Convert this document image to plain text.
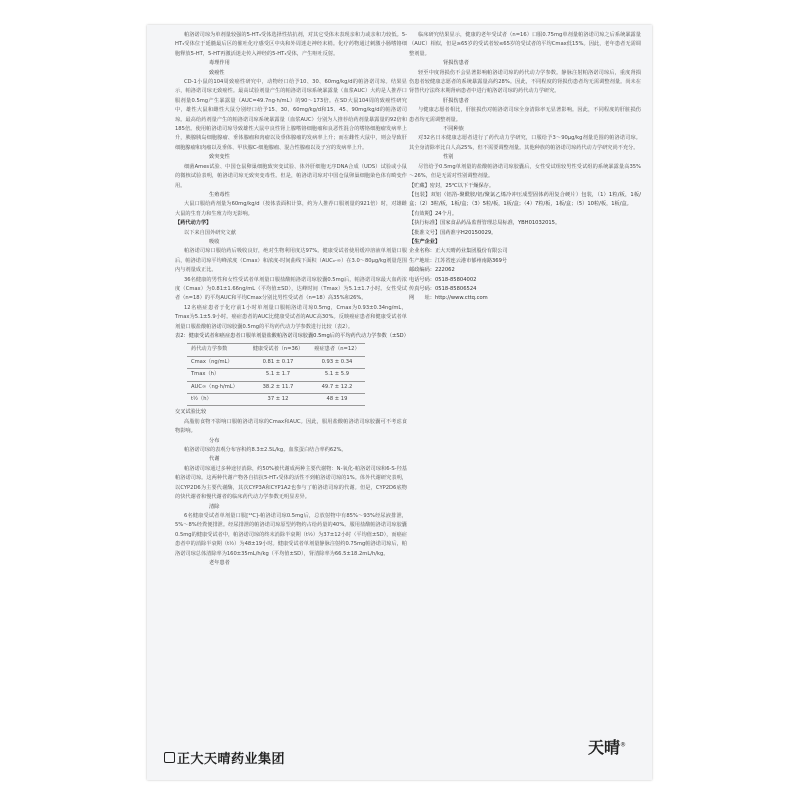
帕洛诺司琼为单剂量较强的5-HT₃受体选择性拮抗剂，对其它受体未表现亲和力或亲和力较低。5-HT₃受体位于延髓最后区的催吐化疗感受区中央和外周迷走神经末梢。化疗药物通过刺激小肠嗜铬细胞释放5-HT，5-HT再激活迷走传入神经的5-HT₃受体，产生呕吐反射。

毒理作用

致癌性

CD-1小鼠的104周致癌性研究中，动物经口给予10、30、60mg/kg/d的帕洛诺司琼。结果显示，帕洛诺司琼无致癌性。最高试验剂量产生的帕洛诺司琼系统暴露量（血浆AUC）大约是人推荐口服剂量0.5mg产生暴露量（AUC=49.7ng·h/mL）的90～173倍。在SD大鼠104周的致癌性研究中，雄性大鼠和雌性大鼠分别经口给予15、30、60mg/kg/d和15、45、90mg/kg/d的帕洛诺司琼。最高给药剂量产生的帕洛诺司琼系统暴露量（血浆AUC）分别为人推荐给药剂量暴露量的92倍和185倍。使用帕洛诺司琼导致雄性大鼠中良性肾上腺嗜铬细胞瘤和良恶性混合的嗜铬细胞瘤发病率上升，胰腺胰岛细胞腺瘤、垂体腺瘤和肉瘤以及垂体腺瘤的发病率上升；而在雌性大鼠中，则会导致肝细胞腺瘤和肉瘤以及垂体、甲状腺C-细胞腺瘤、混合性腺瘤以及子宫的发病率上升。

致突变性

细菌Ames试验、中国仓鼠卵巢细胞致突变试验、体外肝细胞无序DNA合成（UDS）试验或小鼠的微核试验表明，帕洛诺司琼无致突变毒性。但是，帕洛诺司琼对中国仓鼠卵巢细胞染色体有畸变作用。

生殖毒性

大鼠口服给药剂量为60mg/kg/d（按体表面积计算，约为人推荐口服剂量的921倍）时，对雄雌大鼠的生育力和生殖力均无影响。

【药代动力学】

以下来自国外研究文献

吸收

帕洛诺司琼口服给药后吸收良好，绝对生物利用度达97%。健康受试者使用缓冲溶液单剂量口服后，帕洛诺司琼平均峰浓度（Cmax）和浓度-时间曲线下面积（AUC₀-∞）在3.0～80μg/kg剂量范围内与剂量成正比。

36名健康的男性和女性受试者单剂量口服盐酸帕洛诺司琼胶囊0.5mg后，帕洛诺司琼最大血药浓度（Cmax）为0.81±1.66ng/mL（平均值±SD），达峰时间（Tmax）为5.1±1.7小时。女性受试者（n=18）的平均AUC和平均Cmax分别比男性受试者（n=18）高35%和26%。

12名癌症患者于化疗前1小时单剂量口服帕洛诺司琼0.5mg，Cmax为0.93±0.34ng/mL，Tmax为5.1±5.9小时。癌症患者的AUC比健康受试者的AUC高30%。反映癌症患者和健康受试者单剂量口服盐酸帕洛诺司琼胶囊0.5mg的平均药代动力学参数进行比较（表2）。

表2：健康受试者和癌症患者口服单剂量盐酸帕洛诺司琼胶囊0.5mg后的平均药代动力学参数（±SD）

药代动力学参数	健康受试者（n=36）	癌症患者（n=12）
Cmax（ng/mL）	0.81 ± 0.17	0.93 ± 0.34
Tmax（h）	5.1 ± 1.7	5.1 ± 5.9
AUC∞（ng·h/mL）	38.2 ± 11.7	49.7 ± 12.2
t½（h）	37 ± 12	48 ± 19

交叉试验比较

高脂肪食物不影响口服帕洛诺司琼的Cmax和AUC。因此，服用盐酸帕洛诺司琼胶囊可不考虑食物影响。

分布

帕洛诺司琼的表观分布容积约8.3±2.5L/kg，血浆蛋白结合率约62%。

代谢

帕洛诺司琼通过多种途径消除，约50%被代谢成两种主要代谢物：N-氧化-帕洛诺司琼和6-S-羟基帕洛诺司琼。这两种代谢产物各自拮抗5-HT₃受体的活性不到帕洛诺司琼的1%。体外代谢研究表明，以CYP2D6为主要代谢酶，其次CYP3A和CYP1A2也参与了帕洛诺司琼的代谢。但是，CYP2D6底物的快代谢者和慢代谢者的临床药代动力学参数无明显差异。

清除

6名健康受试者单剂量口服[¹⁴C]-帕洛诺司琼0.5mg后，总放射物中有85%～93%经尿液排泄，5%～8%经粪便排泄。经尿排泄的帕洛诺司琼原型药物约占给药量的40%。服用盐酸帕洛诺司琼胶囊0.5mg的健康受试者中，帕洛诺司琼的终末消除半衰期（t½）为37±12小时（平均值±SD），而癌症患者中的消除半衰期（t½）为48±19小时。健康受试者单剂量静脉注射约0.75mg帕洛诺司琼后，帕洛诺司琼总体清除率为160±35mL/h/kg（平均值±SD），肾清除率为66.5±18.2mL/h/kg。

老年患者

临床研究结果显示，健康的老年受试者（n=16）口服0.75mg单剂量帕洛诺司琼之后系统暴露量（AUC）相似，但是≥65岁的受试者较≤65岁的受试者的平均Cmax低15%。因此，老年患者无需调整剂量。

肾损伤患者

轻至中度肾损伤不会显著影响帕洛诺司琼的药代动力学参数。静脉注射帕洛诺司琼后，重度肾损伤患者较健康志愿者的系统暴露量高约28%。因此，不同程度的肾损伤患者均无需调整剂量。尚未在肾替代疗法终末期肾病患者中进行帕洛诺司琼的药代动力学研究。

肝损伤患者

与健康志愿者相比，肝脏损伤对帕洛诺司琼全身清除率无显著影响。因此，不同程度的肝脏损伤患者均无需调整剂量。

不同种族

对32名日本健康志愿者进行了药代动力学研究，口服给予3～90μg/kg剂量范围的帕洛诺司琼。其全身清除率比白人高25%，但不需要调整剂量。其他种族的帕洛诺司琼药代动力学研究尚不充分。

性别

尽管给予0.5mg单剂量的盐酸帕洛诺司琼胶囊后，女性受试组较男性受试组的系统暴露量高35%～26%，但是无需对性别调整剂量。

【贮藏】密封，25℃以下干燥保存。

【包装】双铝（铝箔-聚酰胺/铝/聚氯乙烯冷冲压成型固体药用复合硬片）包装，（1）1粒/板，1板/盒；（2）3粒/板，1板/盒；（3）5粒/板，1板/盒；（4）7粒/板，1板/盒；（5）10粒/板，1板/盒。

【有效期】24个月。

【执行标准】国家食品药品监督管理总局标准，YBH01032015。

【批准文号】国药准字H20150029。

【生产企业】

企业名称：正大天晴药业集团股份有限公司

生产地址：江苏省连云港市郁州南路369号

邮政编码：222062

电话号码：0518-85804002

传真号码：0518-85806524

网　　址：http://www.cttq.com

正大天晴药业集团
天晴®
